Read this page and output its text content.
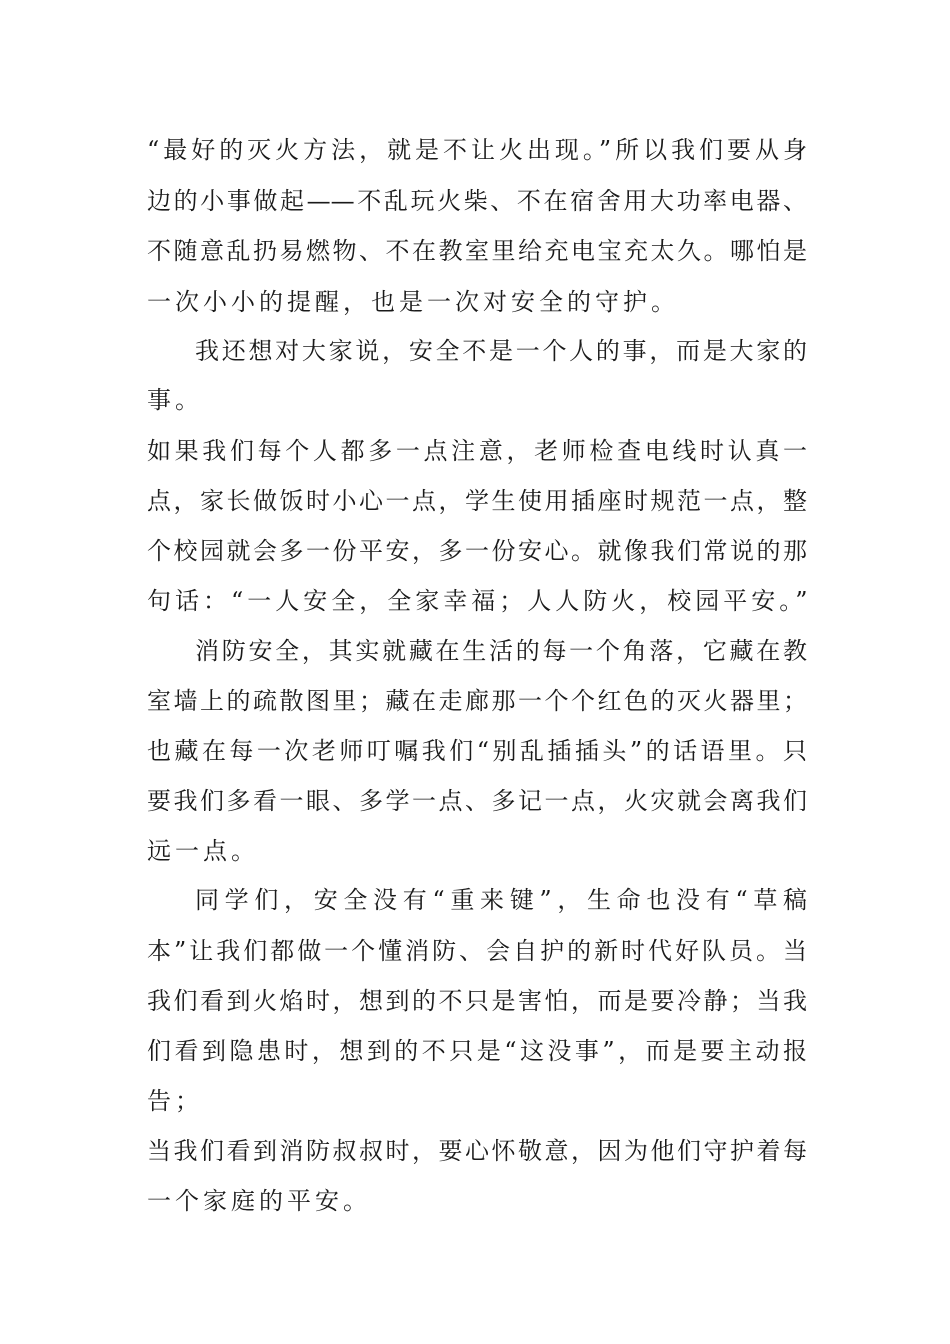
“最好的灭火方法，就是不让火出现。”所以我们要从身
边的小事做起——不乱玩火柴、不在宿舍用大功率电器、
不随意乱扔易燃物、不在教室里给充电宝充太久。哪怕是
一次小小的提醒，也是一次对安全的守护。
我还想对大家说，安全不是一个人的事，而是大家的
事。
如果我们每个人都多一点注意，老师检查电线时认真一
点，家长做饭时小心一点，学生使用插座时规范一点，整
个校园就会多一份平安，多一份安心。就像我们常说的那
句话：“一人安全，全家幸福；人人防火，校园平安。”
消防安全，其实就藏在生活的每一个角落，它藏在教
室墙上的疏散图里；藏在走廊那一个个红色的灭火器里；
也藏在每一次老师叮嘱我们“别乱插插头”的话语里。只
要我们多看一眼、多学一点、多记一点，火灾就会离我们
远一点。
同学们，安全没有“重来键”，生命也没有“草稿
本”让我们都做一个懂消防、会自护的新时代好队员。当
我们看到火焰时，想到的不只是害怕，而是要冷静；当我
们看到隐患时，想到的不只是“这没事”，而是要主动报
告；
当我们看到消防叔叔时，要心怀敬意，因为他们守护着每
一个家庭的平安。
